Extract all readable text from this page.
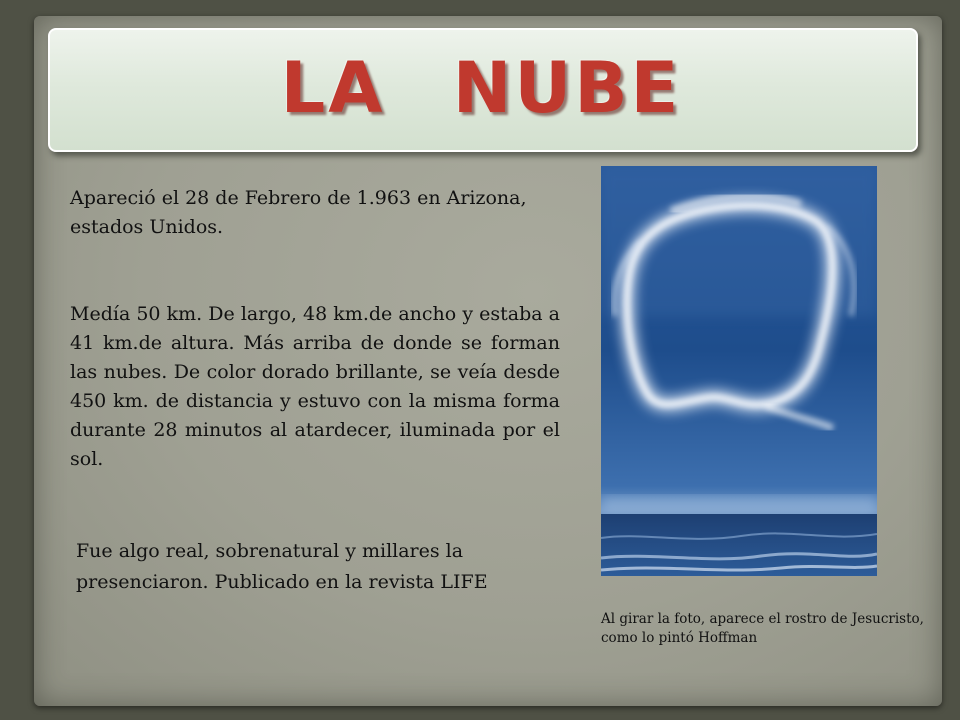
LA NUBE

Apareció el 28 de Febrero de 1.963 en Arizona, estados Unidos.

Medía 50 km. De largo, 48 km.de ancho y estaba a 41 km.de altura. Más arriba de donde se forman las nubes. De color dorado brillante, se veía desde 450 km. de distancia y estuvo con la misma forma durante 28 minutos al atardecer, iluminada por el sol.

Fue algo real, sobrenatural y millares la presenciaron. Publicado en la revista LIFE

Al girar la foto, aparece el rostro de Jesucristo, como lo pintó Hoffman
